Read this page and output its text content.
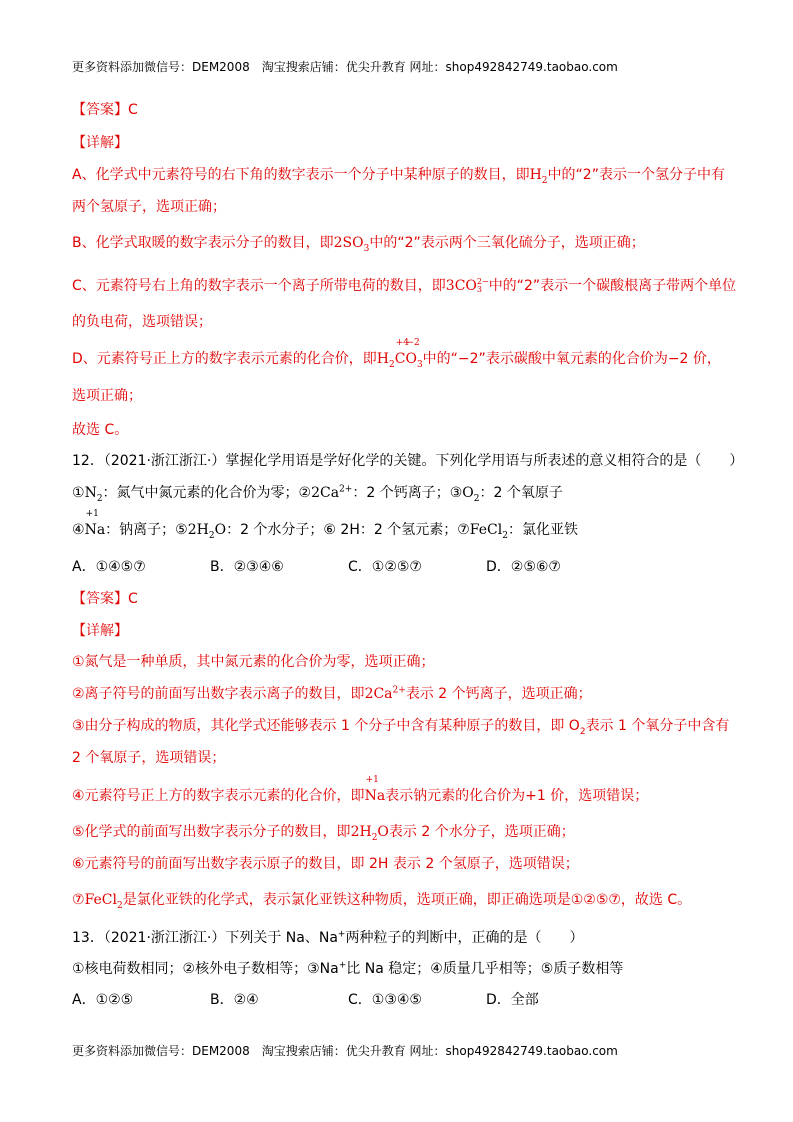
更多资料添加微信号：DEM2008　淘宝搜索店铺：优尖升教育 网址：shop492842749.taobao.com
【答案】C
【详解】
A、化学式中元素符号的右下角的数字表示一个分子中某种原子的数目，即$H_2$中的“2”表示一个氢分子中有
两个氢原子，选项正确；
B、化学式取暖的数字表示分子的数目，即$2SO_3$中的“2”表示两个三氧化硫分子，选项正确；
C、元素符号右上角的数字表示一个离子所带电荷的数目，即3CO 2−
3 中的“2”表示一个碳酸根离子带两个单位
的负电荷，选项错误；
D、元素符号正上方的数字表示元素的化合价，即$H_2$
+4
C
−2
$O_3$中的“−2”表示碳酸中氧元素的化合价为−2 价，
选项正确；
故选 C。
12．（2021·浙江浙江·）掌握化学用语是学好化学的关键。下列化学用语与所表述的意义相符合的是（　　）
$①N_2$：氮气中氮元素的化合价为零；$②2Ca^{2+}$：2 个钙离子；$③O_2$：2 个氧原子
④
+1
Na：钠离子；$⑤2H_2O$：2 个水分子；⑥ 2H：2 个氢元素；⑦FeCl$_2$：氯化亚铁
A．①④⑤⑦	B．②③④⑥	C．①②⑤⑦	D．②⑤⑥⑦
【答案】C
【详解】
①氮气是一种单质，其中氮元素的化合价为零，选项正确；
②离子符号的前面写出数字表示离子的数目，即$2Ca^{2+}$表示 2 个钙离子，选项正确；
③由分子构成的物质，其化学式还能够表示 1 个分子中含有某种原子的数目，即 $O_2$表示 1 个氧分子中含有
2 个氧原子，选项错误；
④元素符号正上方的数字表示元素的化合价，即
+1
Na表示钠元素的化合价为+1 价，选项错误；
⑤化学式的前面写出数字表示分子的数目，即$2H_2O$表示 2 个水分子，选项正确；
⑥元素符号的前面写出数字表示原子的数目，即 2H 表示 2 个氢原子，选项错误；
⑦FeCl$_2$是氯化亚铁的化学式，表示氯化亚铁这种物质，选项正确，即正确选项是①②⑤⑦，故选 C。
13．（2021·浙江浙江·）下列关于 Na、Na+两种粒子的判断中，正确的是（　　）
①核电荷数相同；②核外电子数相等；③Na+比 Na 稳定；④质量几乎相等；⑤质子数相等
A．①②⑤	B．②④	C．①③④⑤	D．全部
更多资料添加微信号：DEM2008　淘宝搜索店铺：优尖升教育 网址：shop492842749.taobao.com
